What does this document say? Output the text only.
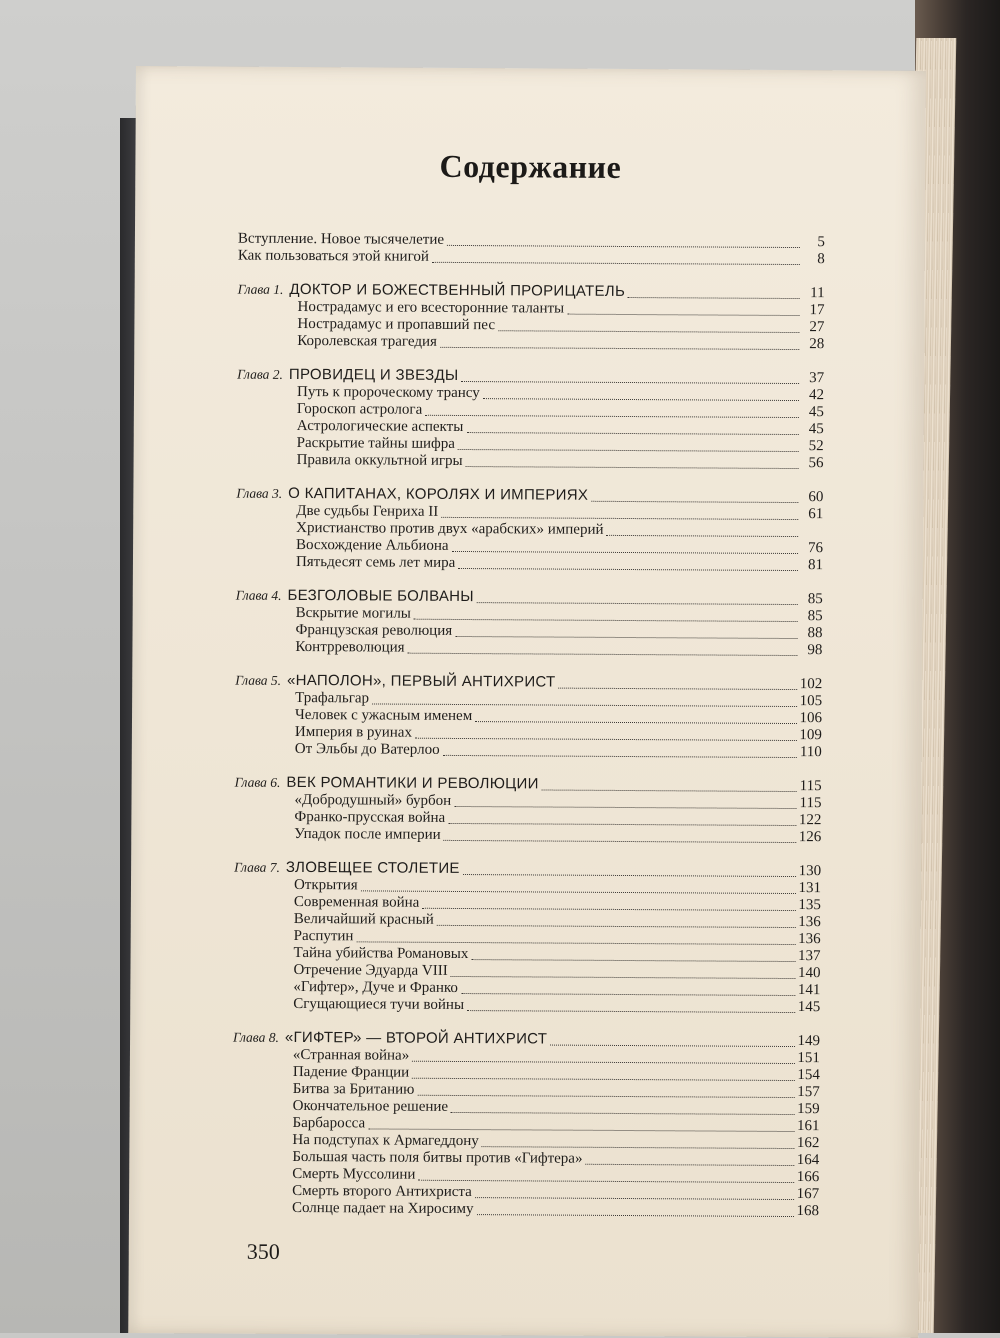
Содержание
Вступление. Новое тысячелетие	5
Как пользоваться этой книгой	8
Глава 1. ДОКТОР И БОЖЕСТВЕННЫЙ ПРОРИЦАТЕЛЬ	11
Нострадамус и его всесторонние таланты	17
Нострадамус и пропавший пес	27
Королевская трагедия	28
Глава 2. ПРОВИДЕЦ И ЗВЕЗДЫ	37
Путь к пророческому трансу	42
Гороскоп астролога	45
Астрологические аспекты	45
Раскрытие тайны шифра	52
Правила оккультной игры	56
Глава 3. О КАПИТАНАХ, КОРОЛЯХ И ИМПЕРИЯХ	60
Две судьбы Генриха II	61
Христианство против двух «арабских» империй
Восхождение Альбиона	76
Пятьдесят семь лет мира	81
Глава 4. БЕЗГОЛОВЫЕ БОЛВАНЫ	85
Вскрытие могилы	85
Французская революция	88
Контрреволюция	98
Глава 5. «НАПОЛОН», ПЕРВЫЙ АНТИХРИСТ	102
Трафальгар	105
Человек с ужасным именем	106
Империя в руинах	109
От Эльбы до Ватерлоо	110
Глава 6. ВЕК РОМАНТИКИ И РЕВОЛЮЦИИ	115
«Добродушный» бурбон	115
Франко-прусская война	122
Упадок после империи	126
Глава 7. ЗЛОВЕЩЕЕ СТОЛЕТИЕ	130
Открытия	131
Современная война	135
Величайший красный	136
Распутин	136
Тайна убийства Романовых	137
Отречение Эдуарда VIII	140
«Гифтер», Дуче и Франко	141
Сгущающиеся тучи войны	145
Глава 8. «ГИФТЕР» — ВТОРОЙ АНТИХРИСТ	149
«Странная война»	151
Падение Франции	154
Битва за Британию	157
Окончательное решение	159
Барбаросса	161
На подступах к Армагеддону	162
Большая часть поля битвы против «Гифтера»	164
Смерть Муссолини	166
Смерть второго Антихриста	167
Солнце падает на Хиросиму	168
350
